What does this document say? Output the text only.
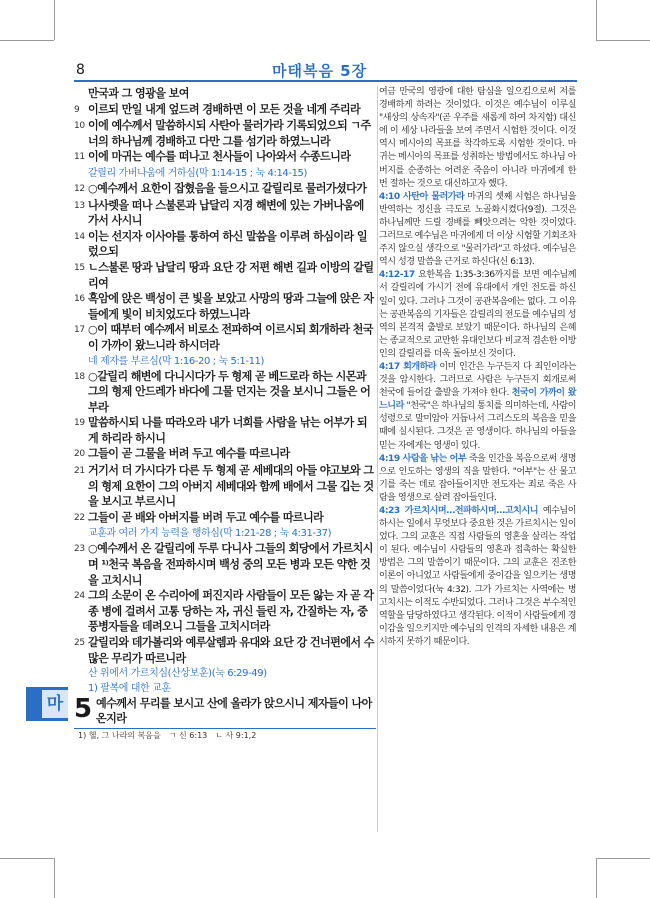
8	마태복음 5장
마
만국과 그 영광을 보여
9 이르되 만일 내게 엎드려 경배하면 이 모든 것을 네게 주리라
10 이에 예수께서 말씀하시되 사탄아 물러가라 기록되었으되 ㄱ주 너의 하나님께 경배하고 다만 그를 섬기라 하였느니라
11 이에 마귀는 예수를 떠나고 천사들이 나아와서 수종드니라
갈릴리 가버나움에 거하심(막 1:14-15 ; 눅 4:14-15)
12 ○예수께서 요한이 잡혔음을 들으시고 갈릴리로 물러가셨다가
13 나사렛을 떠나 스불론과 납달리 지경 해변에 있는 가버나움에 가서 사시니
14 이는 선지자 이사야를 통하여 하신 말씀을 이루려 하심이라 일렀으되
15 ㄴ스불론 땅과 납달리 땅과 요단 강 저편 해변 길과 이방의 갈릴리여
16 흑암에 앉은 백성이 큰 빛을 보았고 사망의 땅과 그늘에 앉은 자들에게 빛이 비치었도다 하였느니라
17 ○이 때부터 예수께서 비로소 전파하여 이르시되 회개하라 천국이 가까이 왔느니라 하시더라
네 제자를 부르심(막 1:16-20 ; 눅 5:1-11)
18 ○갈릴리 해변에 다니시다가 두 형제 곧 베드로라 하는 시몬과 그의 형제 안드레가 바다에 그물 던지는 것을 보시니 그들은 어부라
19 말씀하시되 나를 따라오라 내가 너희를 사람을 낚는 어부가 되게 하리라 하시니
20 그들이 곧 그물을 버려 두고 예수를 따르니라
21 거기서 더 가시다가 다른 두 형제 곧 세베대의 아들 야고보와 그의 형제 요한이 그의 아버지 세베대와 함께 배에서 그물 깁는 것을 보시고 부르시니
22 그들이 곧 배와 아버지를 버려 두고 예수를 따르니라
교훈과 여러 가지 능력을 행하심(막 1:21-28 ; 눅 4:31-37)
23 ○예수께서 온 갈릴리에 두루 다니사 그들의 회당에서 가르치시며 ¹⁾천국 복음을 전파하시며 백성 중의 모든 병과 모든 약한 것을 고치시니
24 그의 소문이 온 수리아에 퍼진지라 사람들이 모든 앓는 자 곧 각종 병에 걸려서 고통 당하는 자, 귀신 들린 자, 간질하는 자, 중풍병자들을 데려오니 그들을 고치시더라
25 갈릴리와 데가볼리와 예루살렘과 유대와 요단 강 건너편에서 수많은 무리가 따르니라
산 위에서 가르치심(산상보훈)(눅 6:29-49)
1) 팔복에 대한 교훈
5 예수께서 무리를 보시고 산에 올라가 앉으시니 제자들이 나아온지라
1) 헬, 그 나라의 복음을　ㄱ 신 6:13　ㄴ 사 9:1,2
여금 만국의 영광에 대한 탐심을 일으킴으로써 저를 경배하게 하려는 것이었다. 이것은 예수님이 이루실 "새상의 상속자"(곧 우주를 새롭게 하여 차지함) 대신에 이 세상 나라들을 보여 주면서 시험한 것이다. 이것 역시 메시아의 목표를 착각하도록 시험한 것이다. 마귀는 메시아의 목표를 성취하는 방법에서도 하나님 아버지를 순종하는 어려운 죽음이 아니라 마귀에게 한 번 절하는 것으로 대신하고자 했다.
4:10 사탄아 물러가라 마귀의 셋째 시험은 하나님을 반역하는 정신을 극도로 노골화시켰다(9절). 그것은 하나님께만 드릴 경배를 빼앗으려는 악한 것이었다. 그러므로 예수님은 마귀에게 더 이상 시험할 기회조차 주지 않으실 생각으로 "물러가라"고 하셨다. 예수님은 역시 성경 말씀을 근거로 하신다(신 6:13).
4:12-17 요한복음 1:35-3:36까지를 보면 예수님께서 갈릴리에 가시기 전에 유대에서 개인 전도를 하신 일이 있다. 그러나 그것이 공관복음에는 없다. 그 이유는 공관복음의 기자들은 갈릴리의 전도를 예수님의 성역의 본격적 출발로 보았기 때문이다. 하나님의 은혜는 종교적으로 교만한 유대인보다 비교적 겸손한 이방인의 갈릴리를 더욱 돌아보신 것이다.
4:17 회개하라 이미 인간은 누구든지 다 죄인이라는 것을 암시한다. 그러므로 사람은 누구든지 회개로써 천국에 들어갈 출발을 가져야 한다. 천국이 가까이 왔느니라 "천국"은 하나님의 통치를 의미하는데, 사람이 성령으로 말미암아 거듭나서 그리스도의 복음을 믿을 때에 실시된다. 그것은 곧 영생이다. 하나님의 아들을 믿는 자에게는 영생이 있다.
4:19 사람을 낚는 어부 죽을 인간을 복음으로써 생명으로 인도하는 영생의 직을 말한다. "어부"는 산 물고기를 죽는 데로 잡아들이지만 전도자는 죄로 죽은 사람을 영생으로 살려 잡아들인다.
4:23 가르치시며…전파하시며…고치시니 예수님이 하시는 일에서 무엇보다 중요한 것은 가르치시는 일이었다. 그의 교훈은 직접 사람들의 영혼을 살리는 작업이 된다. 예수님이 사람들의 영혼과 접촉하는 확실한 방법은 그의 말씀이기 때문이다. 그의 교훈은 진조한 이론이 아니었고 사람들에게 중이감을 일으키는 생명의 말씀이었다(눅 4:32). 그가 가르치는 사역에는 병 고치시는 이적도 수반되었다. 그러나 그것은 부수적인 역할을 담당하였다고 생각된다. 이적이 사람들에게 경이감을 일으키지만 예수님의 인격의 자세한 내용은 계시하지 못하기 때문이다.
